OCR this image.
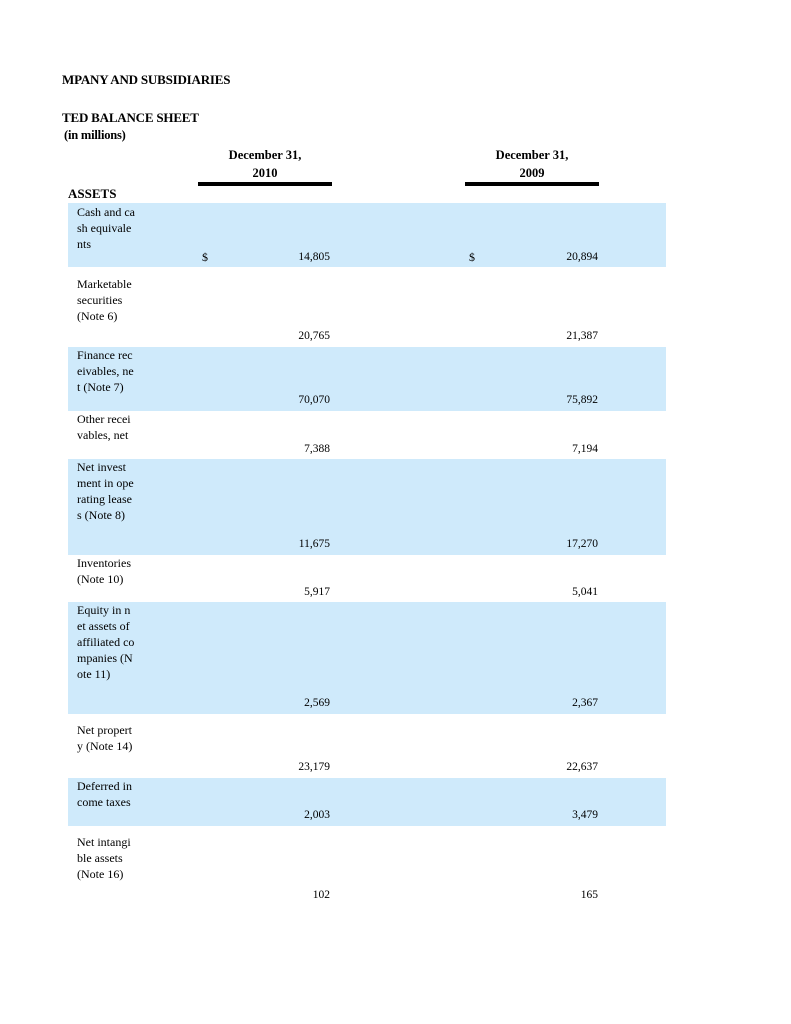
MPANY AND SUBSIDIARIES
TED BALANCE SHEET
(in millions)
December 31,
2010
December 31,
2009
ASSETS
Cash and cash equivalents
$	14,805	$	20,894
Marketable securities (Note 6)
20,765	21,387
Finance receivables, net (Note 7)
70,070	75,892
Other receivables, net
7,388	7,194
Net investment in operating leases (Note 8)
11,675	17,270
Inventories (Note 10)
5,917	5,041
Equity in net assets of affiliated companies (Note 11)
2,569	2,367
Net property (Note 14)
23,179	22,637
Deferred income taxes
2,003	3,479
Net intangible assets (Note 16)
102	165
